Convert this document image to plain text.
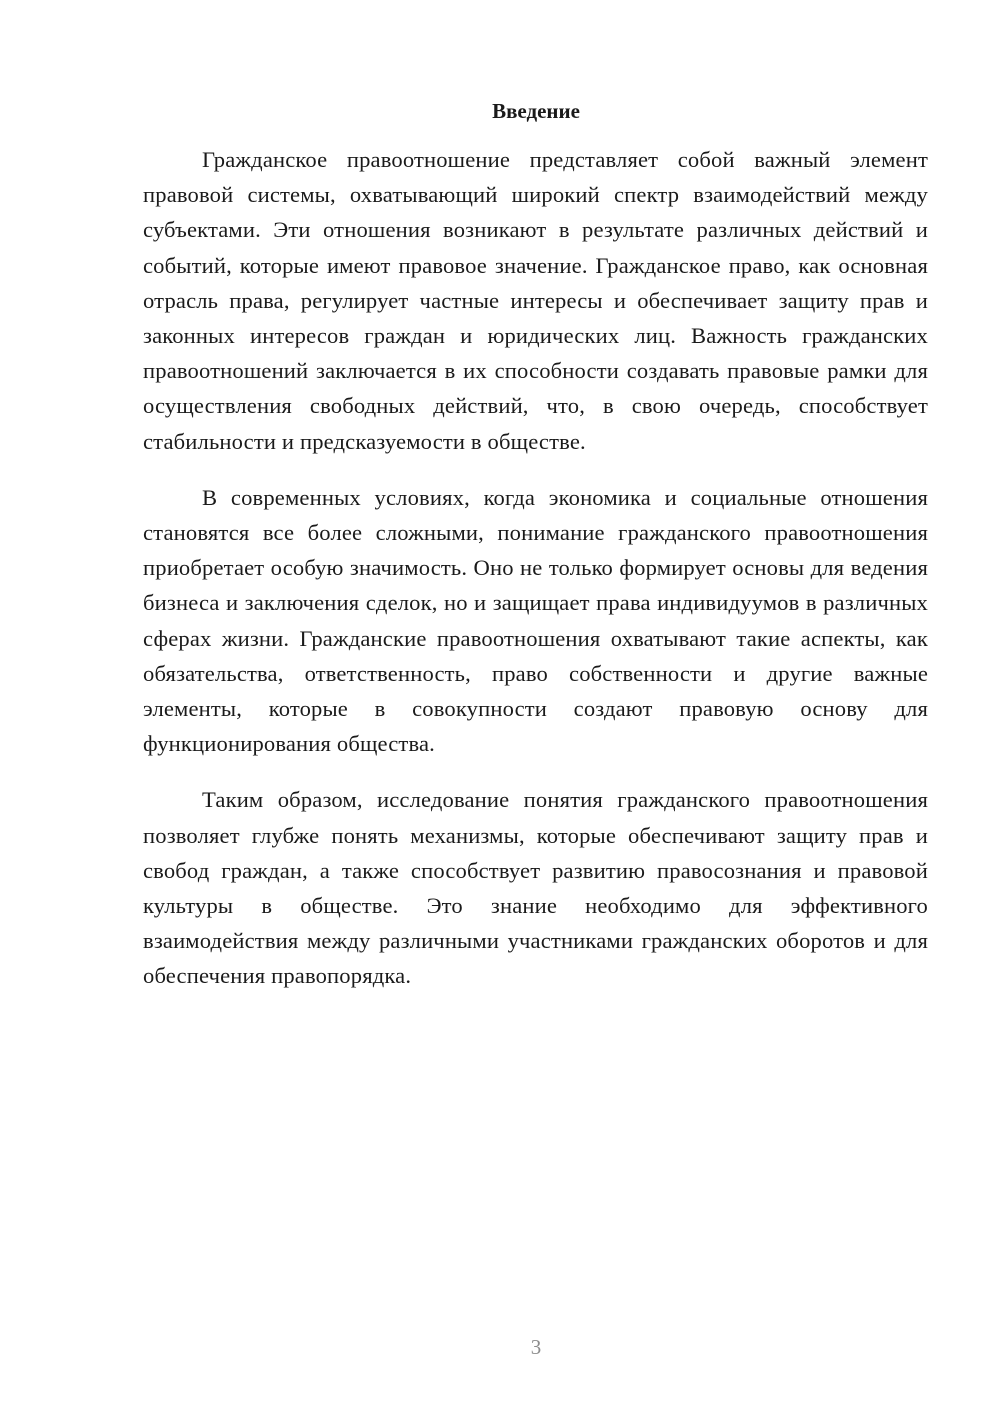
Введение

Гражданское правоотношение представляет собой важный элемент правовой системы, охватывающий широкий спектр взаимодействий между субъектами. Эти отношения возникают в результате различных действий и событий, которые имеют правовое значение. Гражданское право, как основная отрасль права, регулирует частные интересы и обеспечивает защиту прав и законных интересов граждан и юридических лиц. Важность гражданских правоотношений заключается в их способности создавать правовые рамки для осуществления свободных действий, что, в свою очередь, способствует стабильности и предсказуемости в обществе.

В современных условиях, когда экономика и социальные отношения становятся все более сложными, понимание гражданского правоотношения приобретает особую значимость. Оно не только формирует основы для ведения бизнеса и заключения сделок, но и защищает права индивидуумов в различных сферах жизни. Гражданские правоотношения охватывают такие аспекты, как обязательства, ответственность, право собственности и другие важные элементы, которые в совокупности создают правовую основу для функционирования общества.

Таким образом, исследование понятия гражданского правоотношения позволяет глубже понять механизмы, которые обеспечивают защиту прав и свобод граждан, а также способствует развитию правосознания и правовой культуры в обществе. Это знание необходимо для эффективного взаимодействия между различными участниками гражданских оборотов и для обеспечения правопорядка.

3
